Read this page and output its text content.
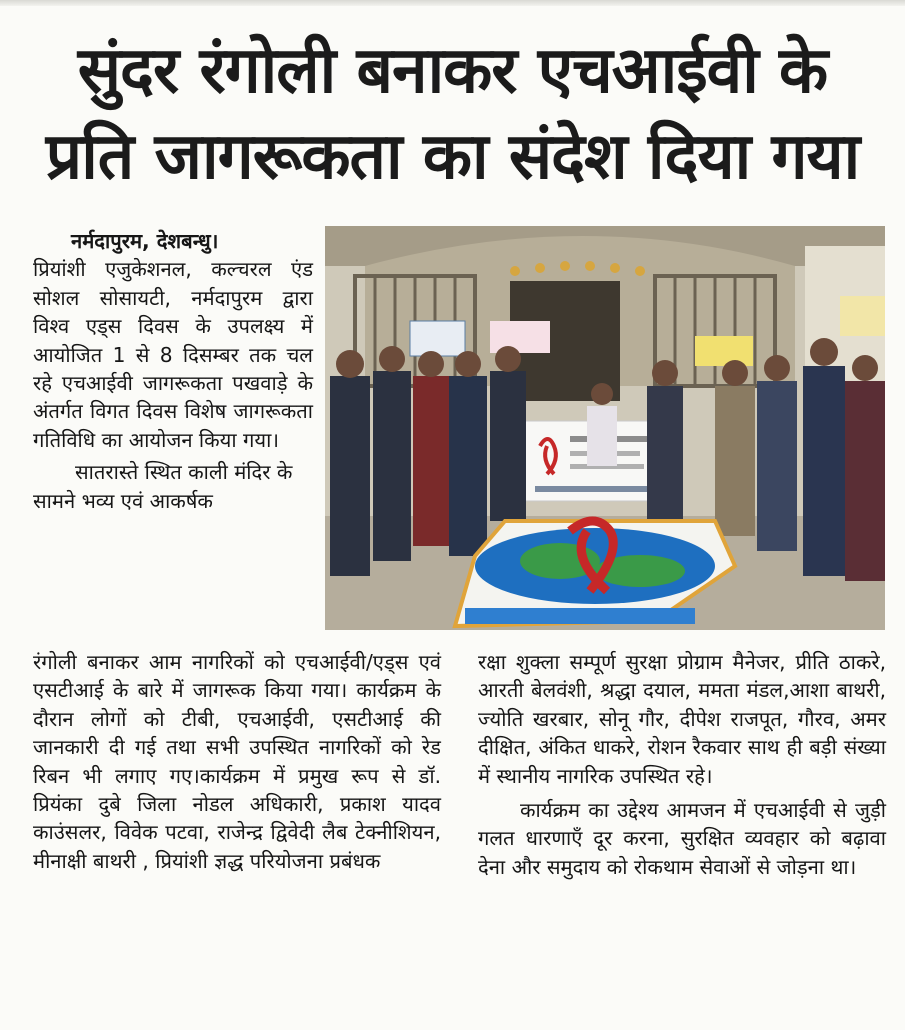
सुंदर रंगोली बनाकर एचआईवी के
प्रति जागरूकता का संदेश दिया गया

नर्मदापुरम, देशबन्धु।

प्रियांशी एजुकेशनल, कल्चरल एंड सोशल सोसायटी, नर्मदापुरम द्वारा विश्व एड्स दिवस के उपलक्ष्य में आयोजित 1 से 8 दिसम्बर तक चल रहे एचआईवी जागरूकता पखवाड़े के अंतर्गत विगत दिवस विशेष जागरूकता गतिविधि का आयोजन किया गया।

सातरास्ते स्थित काली मंदिर के सामने भव्य एवं आकर्षक

रंगोली बनाकर आम नागरिकों को एचआईवी/एड्स एवं एसटीआई के बारे में जागरूक किया गया। कार्यक्रम के दौरान लोगों को टीबी, एचआईवी, एसटीआई की जानकारी दी गई तथा सभी उपस्थित नागरिकों को रेड रिबन भी लगाए गए।कार्यक्रम में प्रमुख रूप से डॉ. प्रियंका दुबे जिला नोडल अधिकारी, प्रकाश यादव काउंसलर, विवेक पटवा, राजेन्द्र द्विवेदी लैब टेक्नीशियन, मीनाक्षी बाथरी , प्रियांशी ज्ञद्ध परियोजना प्रबंधक

रक्षा शुक्ला सम्पूर्ण सुरक्षा प्रोग्राम मैनेजर, प्रीति ठाकरे, आरती बेलवंशी, श्रद्धा दयाल, ममता मंडल,आशा बाथरी, ज्योति खरबार, सोनू गौर, दीपेश राजपूत, गौरव, अमर दीक्षित, अंकित धाकरे, रोशन रैकवार साथ ही बड़ी संख्या में स्थानीय नागरिक उपस्थित रहे।

कार्यक्रम का उद्देश्य आमजन में एचआईवी से जुड़ी गलत धारणाएँ दूर करना, सुरक्षित व्यवहार को बढ़ावा देना और समुदाय को रोकथाम सेवाओं से जोड़ना था।
